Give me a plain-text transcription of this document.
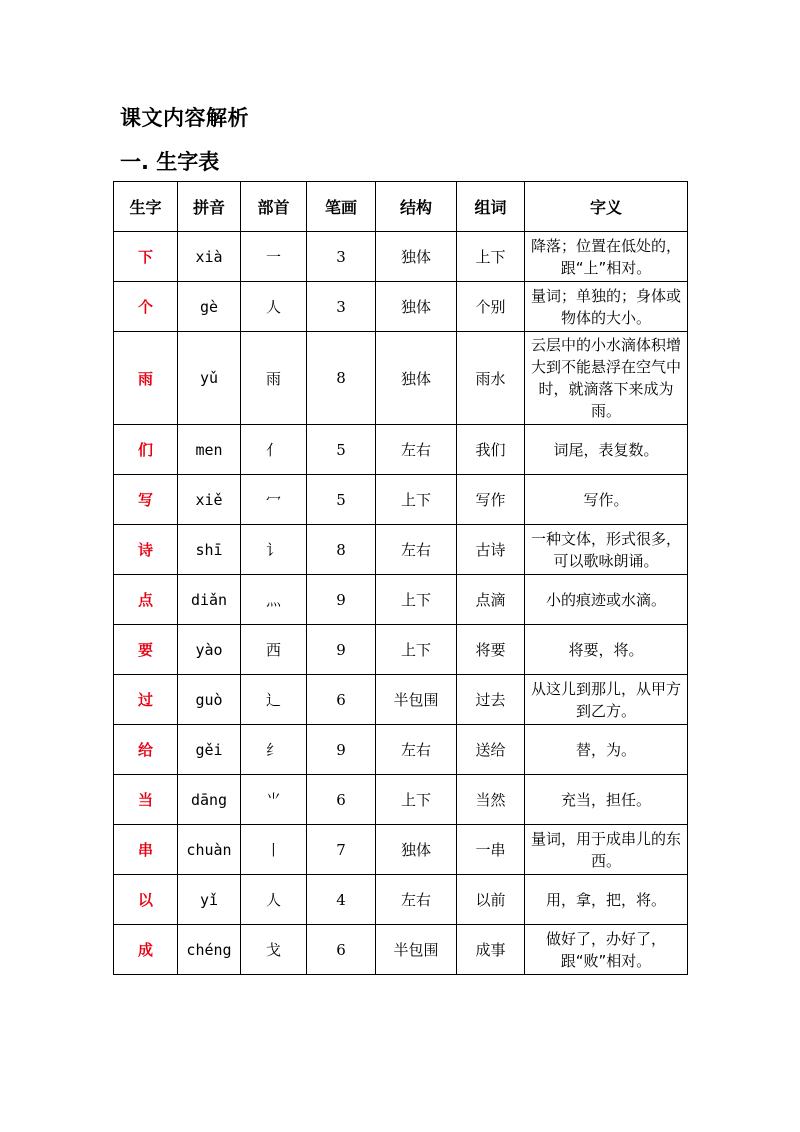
课文内容解析
一. 生字表
生字	拼音	部首	笔画	结构	组词	字义
下	xià	一	3	独体	上下	降落；位置在低处的，跟“上”相对。
个	gè	人	3	独体	个别	量词；单独的；身体或物体的大小。
雨	yǔ	雨	8	独体	雨水	云层中的小水滴体积增大到不能悬浮在空气中时，就滴落下来成为雨。
们	men	亻	5	左右	我们	词尾，表复数。
写	xiě	冖	5	上下	写作	写作。
诗	shī	讠	8	左右	古诗	一种文体，形式很多，可以歌咏朗诵。
点	diǎn	灬	9	上下	点滴	小的痕迹或水滴。
要	yào	西	9	上下	将要	将要，将。
过	guò	辶	6	半包围	过去	从这儿到那儿，从甲方到乙方。
给	gěi	纟	9	左右	送给	替，为。
当	dāng	⺌	6	上下	当然	充当，担任。
串	chuàn	丨	7	独体	一串	量词，用于成串儿的东西。
以	yǐ	人	4	左右	以前	用，拿，把，将。
成	chéng	戈	6	半包围	成事	做好了，办好了，跟“败”相对。
